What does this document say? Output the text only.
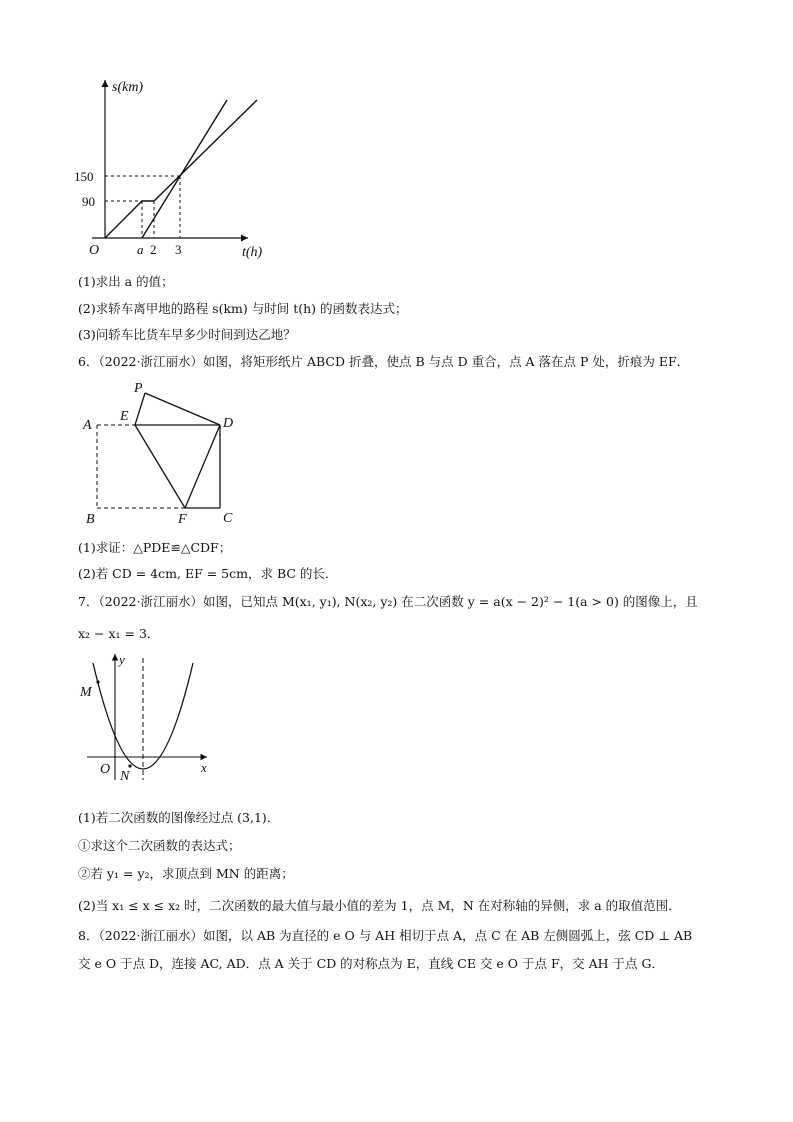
s(km)
t(h)
O
150
90
a 2 3
(1)求出 a 的值；
(2)求轿车离甲地的路程 s(km) 与时间 t(h) 的函数表达式；
(3)问轿车比货车早多少时间到达乙地？
6．（2022·浙江丽水）如图，将矩形纸片 ABCD 折叠，使点 B 与点 D 重合，点 A 落在点 P 处，折痕为 EF．
P
E
A	D
B	F	C
(1)求证：△PDE≌△CDF；
(2)若 CD = 4cm, EF = 5cm，求 BC 的长．
7．（2022·浙江丽水）如图，已知点 M(x₁, y₁), N(x₂, y₂) 在二次函数 y = a(x − 2)² − 1(a > 0) 的图像上，且
x₂ − x₁ = 3．
y
x
O
M
N
(1)若二次函数的图像经过点 (3,1)．
①求这个二次函数的表达式；
②若 y₁ = y₂，求顶点到 MN 的距离；
(2)当 x₁ ≤ x ≤ x₂ 时，二次函数的最大值与最小值的差为 1，点 M，N 在对称轴的异侧，求 a 的取值范围．
8．（2022·浙江丽水）如图，以 AB 为直径的 e O 与 AH 相切于点 A，点 C 在 AB 左侧圆弧上，弦 CD ⊥ AB
交 e O 于点 D，连接 AC, AD．点 A 关于 CD 的对称点为 E，直线 CE 交 e O 于点 F，交 AH 于点 G．
